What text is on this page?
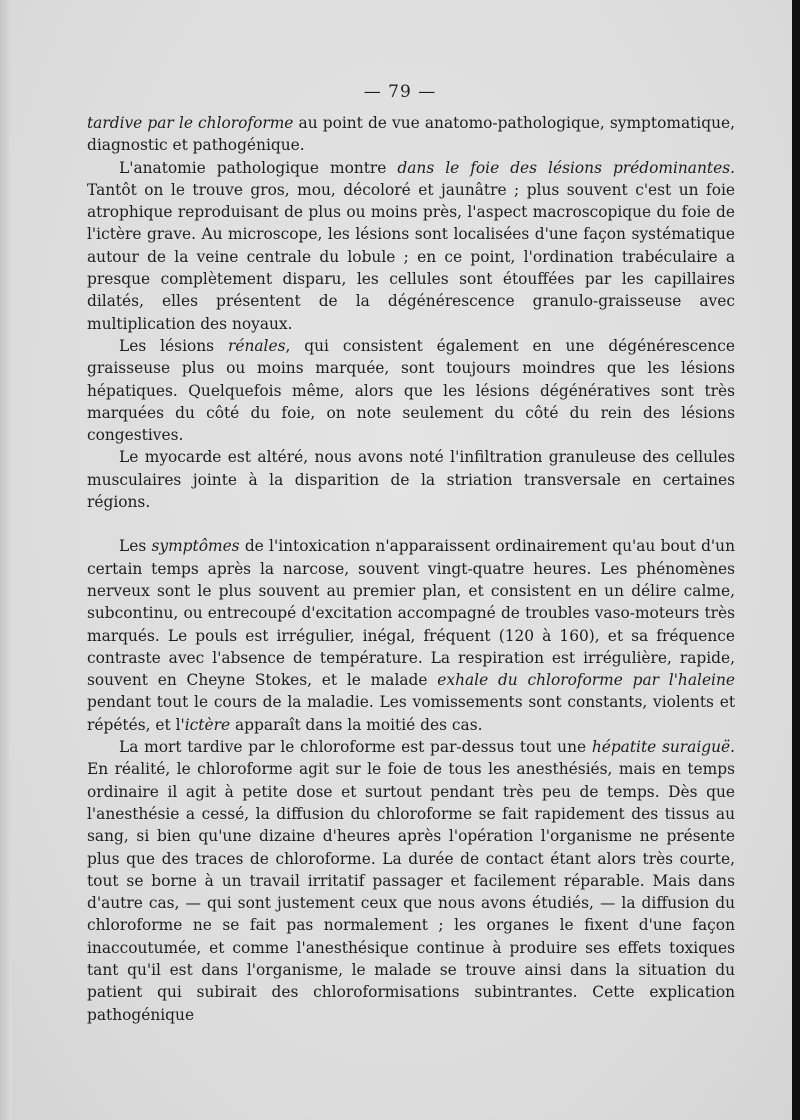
— 79 —

tardive par le chloroforme au point de vue anatomo-pathologique, symptomatique, diagnostic et pathogénique.

L'anatomie pathologique montre dans le foie des lésions prédominantes. Tantôt on le trouve gros, mou, décoloré et jaunâtre ; plus souvent c'est un foie atrophique reproduisant de plus ou moins près, l'aspect macroscopique du foie de l'ictère grave. Au microscope, les lésions sont localisées d'une façon systématique autour de la veine centrale du lobule ; en ce point, l'ordination trabéculaire a presque complètement disparu, les cellules sont étouffées par les capillaires dilatés, elles présentent de la dégénérescence granulo-graisseuse avec multiplication des noyaux.

Les lésions rénales, qui consistent également en une dégénérescence graisseuse plus ou moins marquée, sont toujours moindres que les lésions hépatiques. Quelquefois même, alors que les lésions dégénératives sont très marquées du côté du foie, on note seulement du côté du rein des lésions congestives.

Le myocarde est altéré, nous avons noté l'infiltration granuleuse des cellules musculaires jointe à la disparition de la striation transversale en certaines régions.

Les symptômes de l'intoxication n'apparaissent ordinairement qu'au bout d'un certain temps après la narcose, souvent vingt-quatre heures. Les phénomènes nerveux sont le plus souvent au premier plan, et consistent en un délire calme, subcontinu, ou entrecoupé d'excitation accompagné de troubles vaso-moteurs très marqués. Le pouls est irrégulier, inégal, fréquent (120 à 160), et sa fréquence contraste avec l'absence de température. La respiration est irrégulière, rapide, souvent en Cheyne Stokes, et le malade exhale du chloroforme par l'haleine pendant tout le cours de la maladie. Les vomissements sont constants, violents et répétés, et l'ictère apparaît dans la moitié des cas.

La mort tardive par le chloroforme est par-dessus tout une hépatite suraiguë. En réalité, le chloroforme agit sur le foie de tous les anesthésiés, mais en temps ordinaire il agit à petite dose et surtout pendant très peu de temps. Dès que l'anesthésie a cessé, la diffusion du chloroforme se fait rapidement des tissus au sang, si bien qu'une dizaine d'heures après l'opération l'organisme ne présente plus que des traces de chloroforme. La durée de contact étant alors très courte, tout se borne à un travail irritatif passager et facilement réparable. Mais dans d'autre cas, — qui sont justement ceux que nous avons étudiés, — la diffusion du chloroforme ne se fait pas normalement ; les organes le fixent d'une façon inaccoutumée, et comme l'anesthésique continue à produire ses effets toxiques tant qu'il est dans l'organisme, le malade se trouve ainsi dans la situation du patient qui subirait des chloroformisations subintrantes. Cette explication pathogénique
